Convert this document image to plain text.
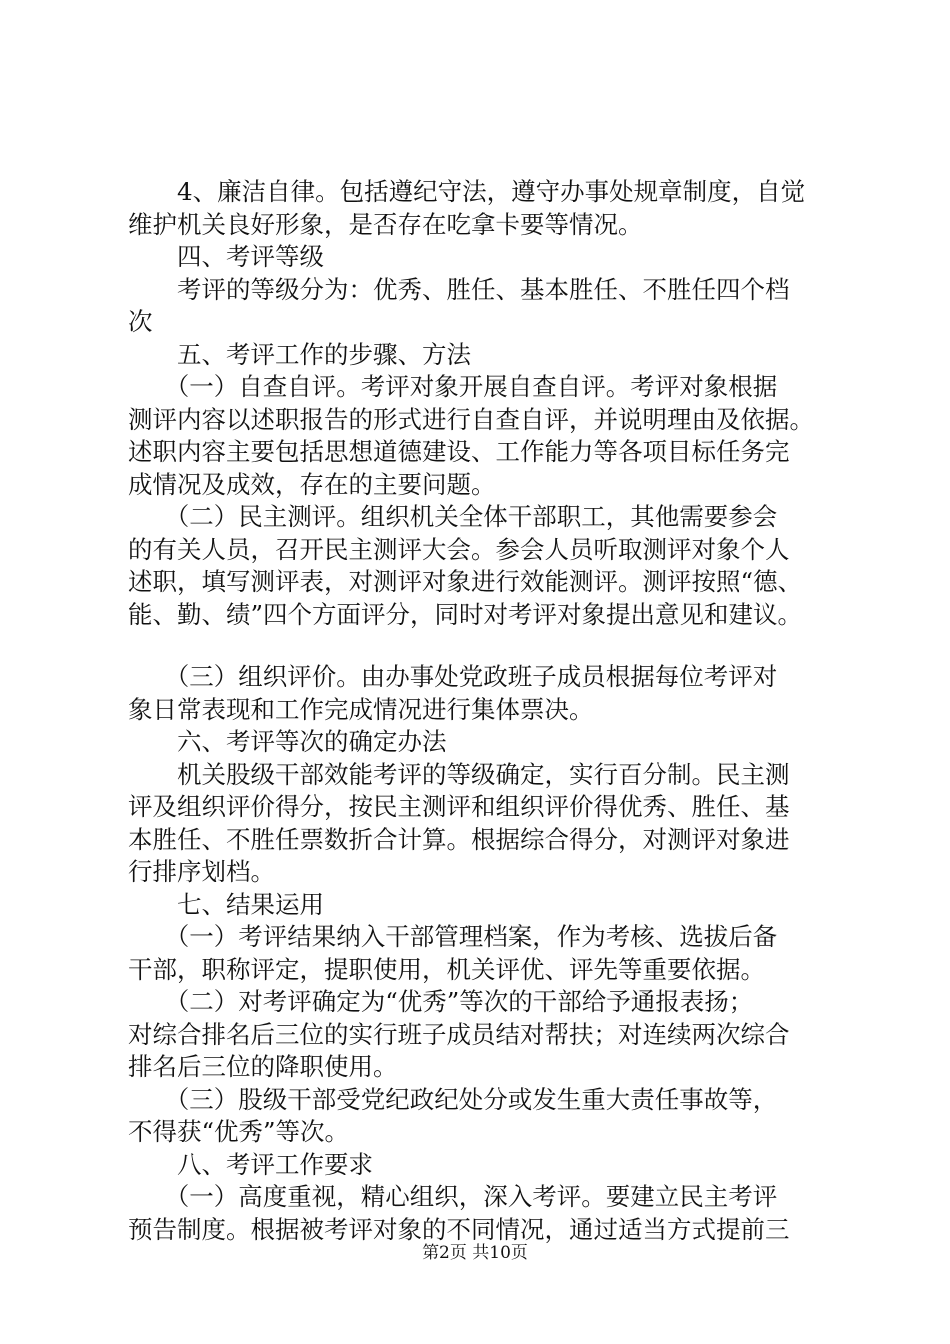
　　4、廉洁自律。包括遵纪守法，遵守办事处规章制度，自觉
维护机关良好形象，是否存在吃拿卡要等情况。
　　四、考评等级
　　考评的等级分为：优秀、胜任、基本胜任、不胜任四个档
次
　　五、考评工作的步骤、方法
　　（一）自查自评。考评对象开展自查自评。考评对象根据
测评内容以述职报告的形式进行自查自评，并说明理由及依据。
述职内容主要包括思想道德建设、工作能力等各项目标任务完
成情况及成效，存在的主要问题。
　　（二）民主测评。组织机关全体干部职工，其他需要参会
的有关人员，召开民主测评大会。参会人员听取测评对象个人
述职，填写测评表，对测评对象进行效能测评。测评按照“德、
能、勤、绩”四个方面评分，同时对考评对象提出意见和建议。
　　（三）组织评价。由办事处党政班子成员根据每位考评对
象日常表现和工作完成情况进行集体票决。
　　六、考评等次的确定办法
　　机关股级干部效能考评的等级确定，实行百分制。民主测
评及组织评价得分，按民主测评和组织评价得优秀、胜任、基
本胜任、不胜任票数折合计算。根据综合得分，对测评对象进
行排序划档。
　　七、结果运用
　　（一）考评结果纳入干部管理档案，作为考核、选拔后备
干部，职称评定，提职使用，机关评优、评先等重要依据。
　　（二）对考评确定为“优秀”等次的干部给予通报表扬；
对综合排名后三位的实行班子成员结对帮扶；对连续两次综合
排名后三位的降职使用。
　　（三）股级干部受党纪政纪处分或发生重大责任事故等，
不得获“优秀”等次。
　　八、考评工作要求
　　（一）高度重视，精心组织，深入考评。要建立民主考评
预告制度。根据被考评对象的不同情况，通过适当方式提前三
第2页 共10页
